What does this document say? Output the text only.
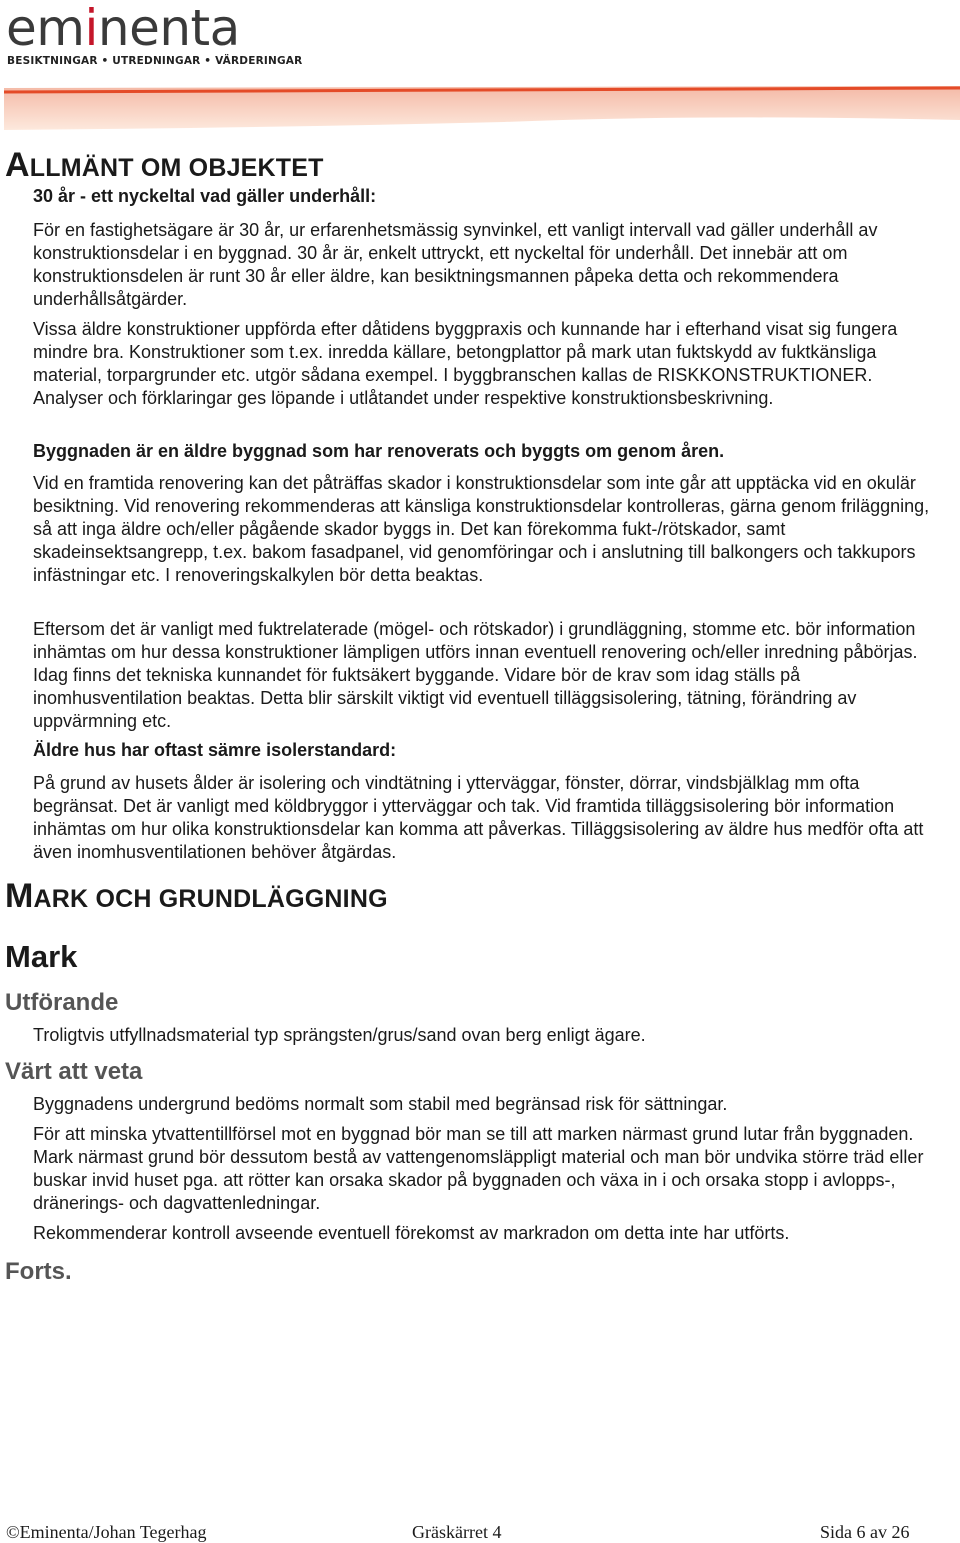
eminenta
BESIKTNINGAR • UTREDNINGAR • VÄRDERINGAR
ALLMÄNT OM OBJEKTET

30 år - ett nyckeltal vad gäller underhåll:

För en fastighetsägare är 30 år, ur erfarenhetsmässig synvinkel, ett vanligt intervall vad gäller underhåll av konstruktionsdelar i en byggnad. 30 år är, enkelt uttryckt, ett nyckeltal för underhåll. Det innebär att om konstruktionsdelen är runt 30 år eller äldre, kan besiktningsmannen påpeka detta och rekommendera underhållsåtgärder.

Vissa äldre konstruktioner uppförda efter dåtidens byggpraxis och kunnande har i efterhand visat sig fungera mindre bra. Konstruktioner som t.ex. inredda källare, betongplattor på mark utan fuktskydd av fuktkänsliga material, torpargrunder etc. utgör sådana exempel. I byggbranschen kallas de RISKKONSTRUKTIONER. Analyser och förklaringar ges löpande i utlåtandet under respektive konstruktionsbeskrivning.

Byggnaden är en äldre byggnad som har renoverats och byggts om genom åren.

Vid en framtida renovering kan det påträffas skador i konstruktionsdelar som inte går att upptäcka vid en okulär besiktning. Vid renovering rekommenderas att känsliga konstruktionsdelar kontrolleras, gärna genom friläggning, så att inga äldre och/eller pågående skador byggs in. Det kan förekomma fukt-/rötskador, samt skadeinsektsangrepp, t.ex. bakom fasadpanel, vid genomföringar och i anslutning till balkongers och takkupors infästningar etc. I renoveringskalkylen bör detta beaktas.

Eftersom det är vanligt med fuktrelaterade (mögel- och rötskador) i grundläggning, stomme etc. bör information inhämtas om hur dessa konstruktioner lämpligen utförs innan eventuell renovering och/eller inredning påbörjas. Idag finns det tekniska kunnandet för fuktsäkert byggande. Vidare bör de krav som idag ställs på inomhusventilation beaktas. Detta blir särskilt viktigt vid eventuell tilläggsisolering, tätning, förändring av uppvärmning etc.

Äldre hus har oftast sämre isolerstandard:

På grund av husets ålder är isolering och vindtätning i ytterväggar, fönster, dörrar, vindsbjälklag mm ofta begränsat. Det är vanligt med köldbryggor i ytterväggar och tak. Vid framtida tilläggsisolering bör information inhämtas om hur olika konstruktionsdelar kan komma att påverkas. Tilläggsisolering av äldre hus medför ofta att även inomhusventilationen behöver åtgärdas.

MARK OCH GRUNDLÄGGNING
Mark
Utförande

Troligtvis utfyllnadsmaterial typ sprängsten/grus/sand ovan berg enligt ägare.

Värt att veta

Byggnadens undergrund bedöms normalt som stabil med begränsad risk för sättningar.

För att minska ytvattentillförsel mot en byggnad bör man se till att marken närmast grund lutar från byggnaden. Mark närmast grund bör dessutom bestå av vattengenomsläppligt material och man bör undvika större träd eller buskar invid huset pga. att rötter kan orsaka skador på byggnaden och växa in i och orsaka stopp i avlopps-, dränerings- och dagvattenledningar.

Rekommenderar kontroll avseende eventuell förekomst av markradon om detta inte har utförts.

Forts.
©Eminenta/Johan Tegerhag	Gräskärret 4	Sida 6 av 26
